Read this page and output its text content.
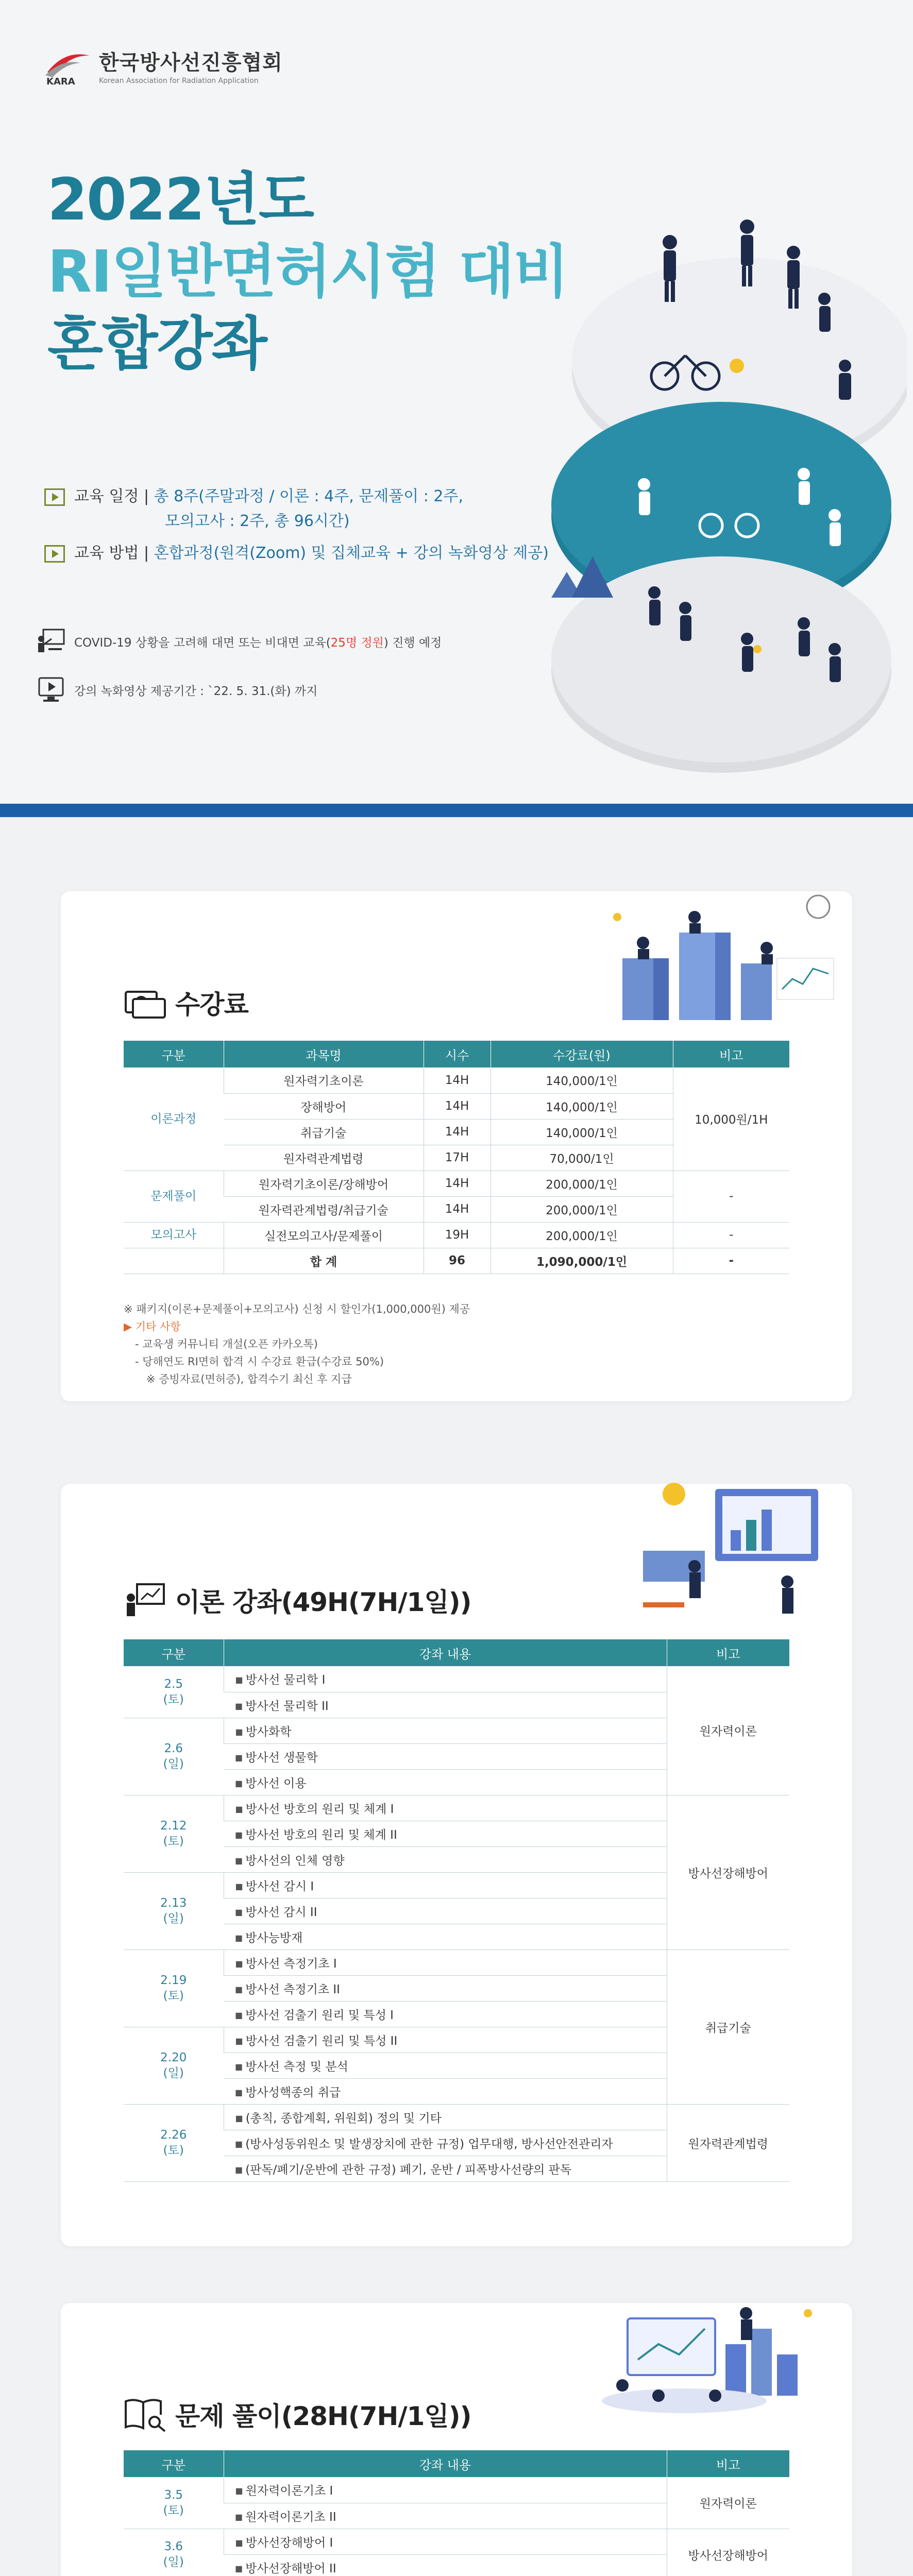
KARA
한국방사선진흥협회
Korean Association for Radiation Application
2022년도
RI일반면허시험 대비
혼합강좌
교육 일정 | 총 8주(주말과정 / 이론 : 4주, 문제풀이 : 2주,
모의고사 : 2주, 총 96시간)
교육 방법 | 혼합과정(원격(Zoom) 및 집체교육 + 강의 녹화영상 제공)
COVID-19 상황을 고려해 대면 또는 비대면 교육(25명 정원) 진행 예정
강의 녹화영상 제공기간 : `22. 5. 31.(화) 까지
수강료
구분	과목명	시수	수강료(원)	비고
이론과정	원자력기초이론	14H	140,000/1인	10,000원/1H
	장해방어	14H	140,000/1인	
	취급기술	14H	140,000/1인	
	원자력관계법령	17H	70,000/1인	
문제풀이	원자력기초이론/장해방어	14H	200,000/1인	-
	원자력관계법령/취급기술	14H	200,000/1인	
모의고사	실전모의고사/문제풀이	19H	200,000/1인	-
	합 계	96	1,090,000/1인	-
※ 패키지(이론+문제풀이+모의고사) 신청 시 할인가(1,000,000원) 제공
▶ 기타 사항
- 교육생 커뮤니티 개설(오픈 카카오톡)
- 당해연도 RI면허 합격 시 수강료 환급(수강료 50%)
※ 증빙자료(면허증), 합격수기 최신 후 지급
이론 강좌(49H(7H/1일))
구분	강좌 내용	비고
2.5
(토)	■ 방사선 물리학 I	원자력이론
	■ 방사선 물리학 II
2.6
(일)	■ 방사화학
	■ 방사선 생물학
	■ 방사선 이용
2.12
(토)	■ 방사선 방호의 원리 및 체계 I	방사선장해방어
	■ 방사선 방호의 원리 및 체계 II
	■ 방사선의 인체 영향
2.13
(일)	■ 방사선 감시 I
	■ 방사선 감시 II
	■ 방사능방재
2.19
(토)	■ 방사선 측정기초 I	취급기술
	■ 방사선 측정기초 II
	■ 방사선 검출기 원리 및 특성 I
2.20
(일)	■ 방사선 검출기 원리 및 특성 II
	■ 방사선 측정 및 분석
	■ 방사성핵종의 취급
2.26
(토)	■ (총칙, 종합계획, 위원회) 정의 및 기타	원자력관계법령
	■ (방사성동위원소 및 발생장치에 관한 규정) 업무대행, 방사선안전관리자
	■ (판독/폐기/운반에 관한 규정) 폐기, 운반 / 피폭방사선량의 판독
문제 풀이(28H(7H/1일))
구분	강좌 내용	비고
3.5
(토)	■ 원자력이론기초 I	원자력이론
	■ 원자력이론기초 II
3.6
(일)	■ 방사선장해방어 I	방사선장해방어
	■ 방사선장해방어 II
